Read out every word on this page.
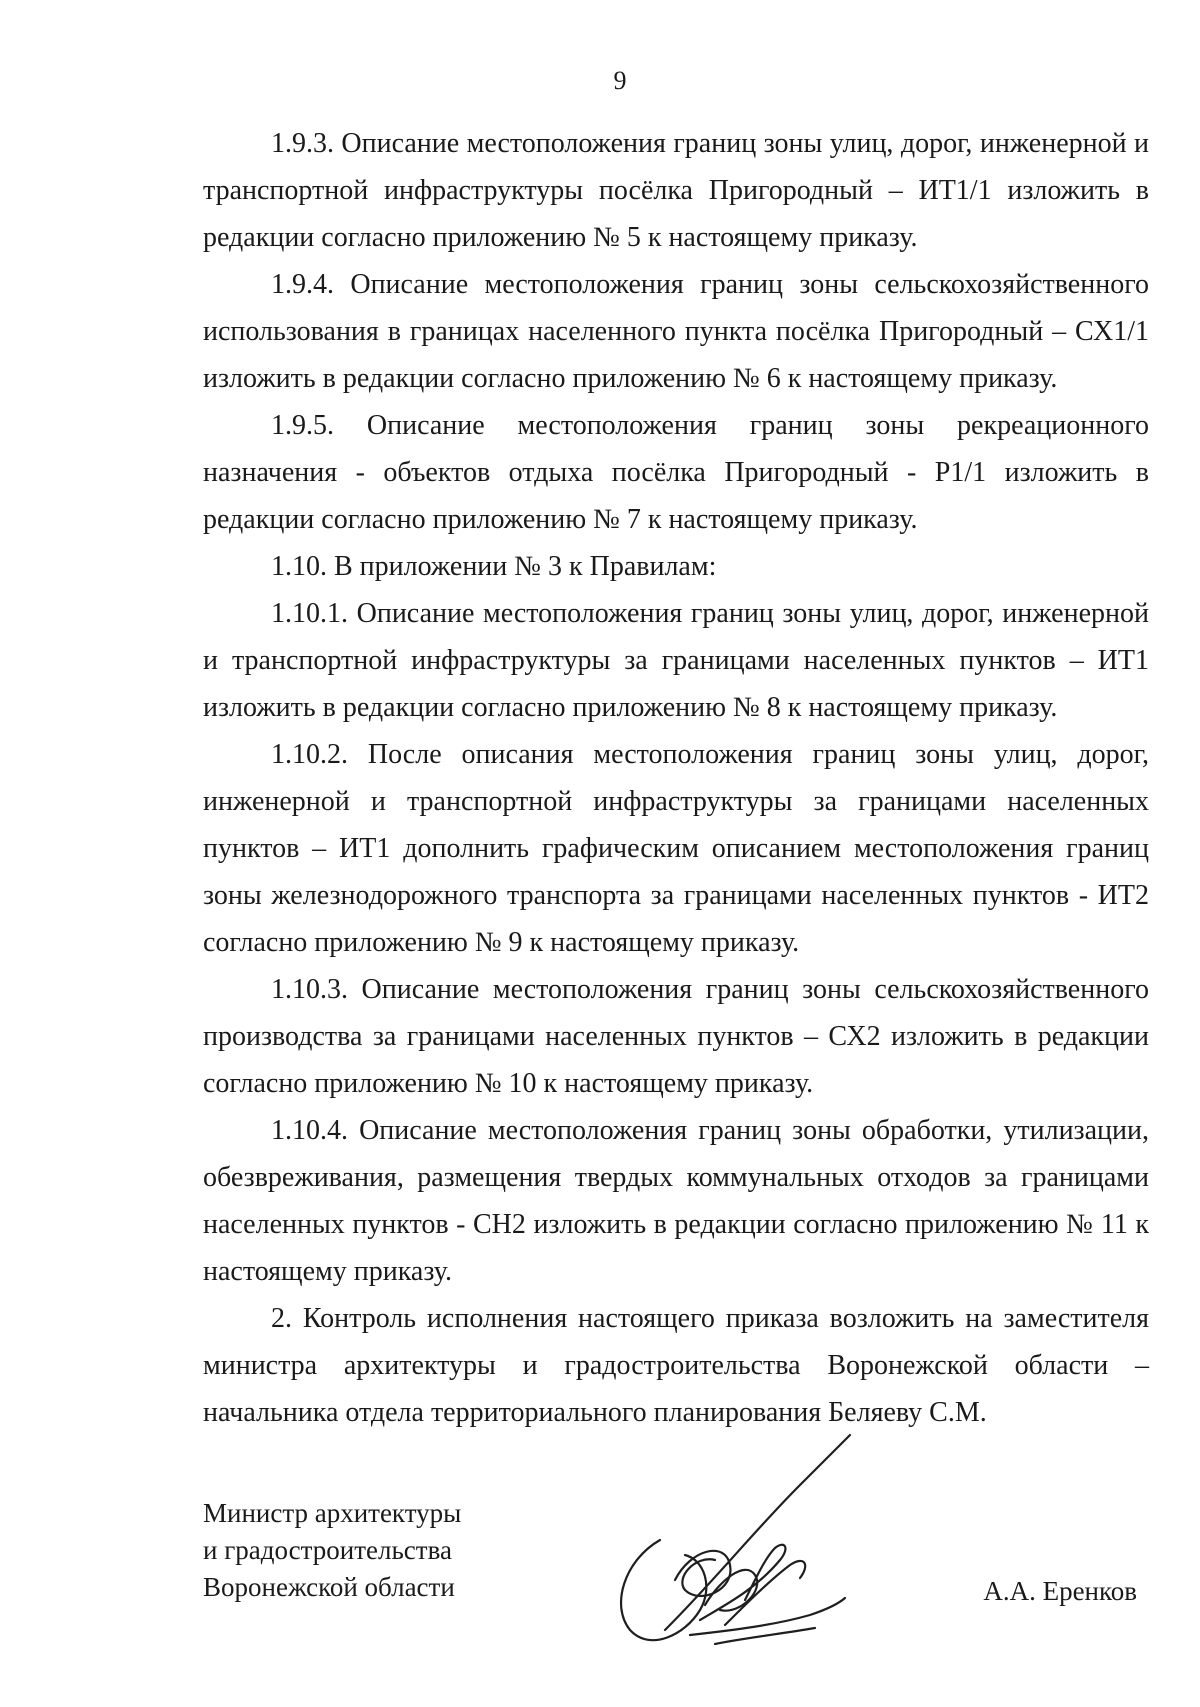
9

1.9.3. Описание местоположения границ зоны улиц, дорог, инженерной и транспортной инфраструктуры посёлка Пригородный – ИТ1/1 изложить в редакции согласно приложению № 5 к настоящему приказу.

1.9.4. Описание местоположения границ зоны сельскохозяйственного использования в границах населенного пункта посёлка Пригородный – СХ1/1 изложить в редакции согласно приложению № 6 к настоящему приказу.

1.9.5. Описание местоположения границ зоны рекреационного назначения - объектов отдыха посёлка Пригородный - Р1/1 изложить в редакции согласно приложению № 7 к настоящему приказу.

1.10. В приложении № 3 к Правилам:

1.10.1. Описание местоположения границ зоны улиц, дорог, инженерной и транспортной инфраструктуры за границами населенных пунктов – ИТ1 изложить в редакции согласно приложению № 8 к настоящему приказу.

1.10.2. После описания местоположения границ зоны улиц, дорог, инженерной и транспортной инфраструктуры за границами населенных пунктов – ИТ1 дополнить графическим описанием местоположения границ зоны железнодорожного транспорта за границами населенных пунктов - ИТ2 согласно приложению № 9 к настоящему приказу.

1.10.3. Описание местоположения границ зоны сельскохозяйственного производства за границами населенных пунктов – СХ2 изложить в редакции согласно приложению № 10 к настоящему приказу.

1.10.4. Описание местоположения границ зоны обработки, утилизации, обезвреживания, размещения твердых коммунальных отходов за границами населенных пунктов - СН2 изложить в редакции согласно приложению № 11 к настоящему приказу.

2. Контроль исполнения настоящего приказа возложить на заместителя министра архитектуры и градостроительства Воронежской области – начальника отдела территориального планирования Беляеву С.М.

Министр архитектуры
и градостроительства
Воронежской области	А.А. Еренков
